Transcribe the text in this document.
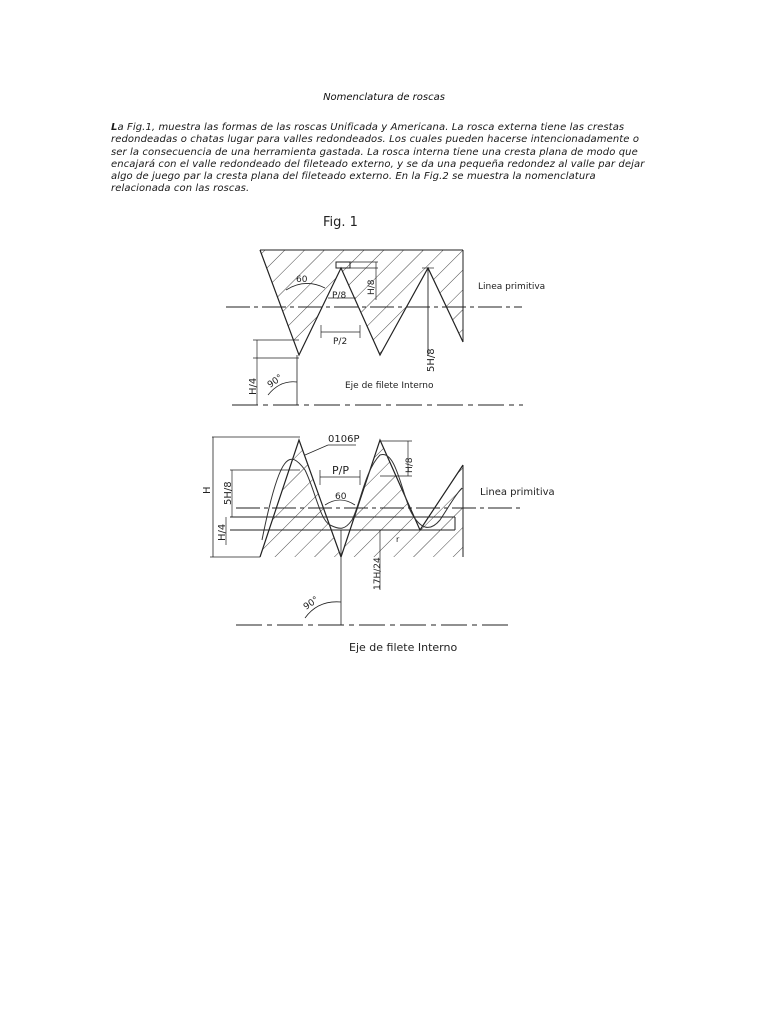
Nomenclatura de roscas
La Fig.1, muestra las formas de las roscas Unificada y Americana. La rosca externa tiene las crestas
redondeadas o chatas lugar para valles redondeados. Los cuales pueden hacerse intencionadamente o
ser la consecuencia de una herramienta gastada. La rosca interna tiene una cresta plana de modo que
encajará con el valle redondeado del fileteado externo, y se da una pequeña redondez al valle par dejar
algo de juego par la cresta plana del fileteado externo. En la Fig.2 se muestra la nomenclatura
relacionada con las roscas.
Fig. 1
60
P/8
H/8
P/2
5H/8
H/4 90°
Linea primitiva
Eje de filete Interno
0106P
H 5H/8
H/4
H/8
P/P
60
17H/24
r
90°
Linea primitiva
Eje de filete Interno
